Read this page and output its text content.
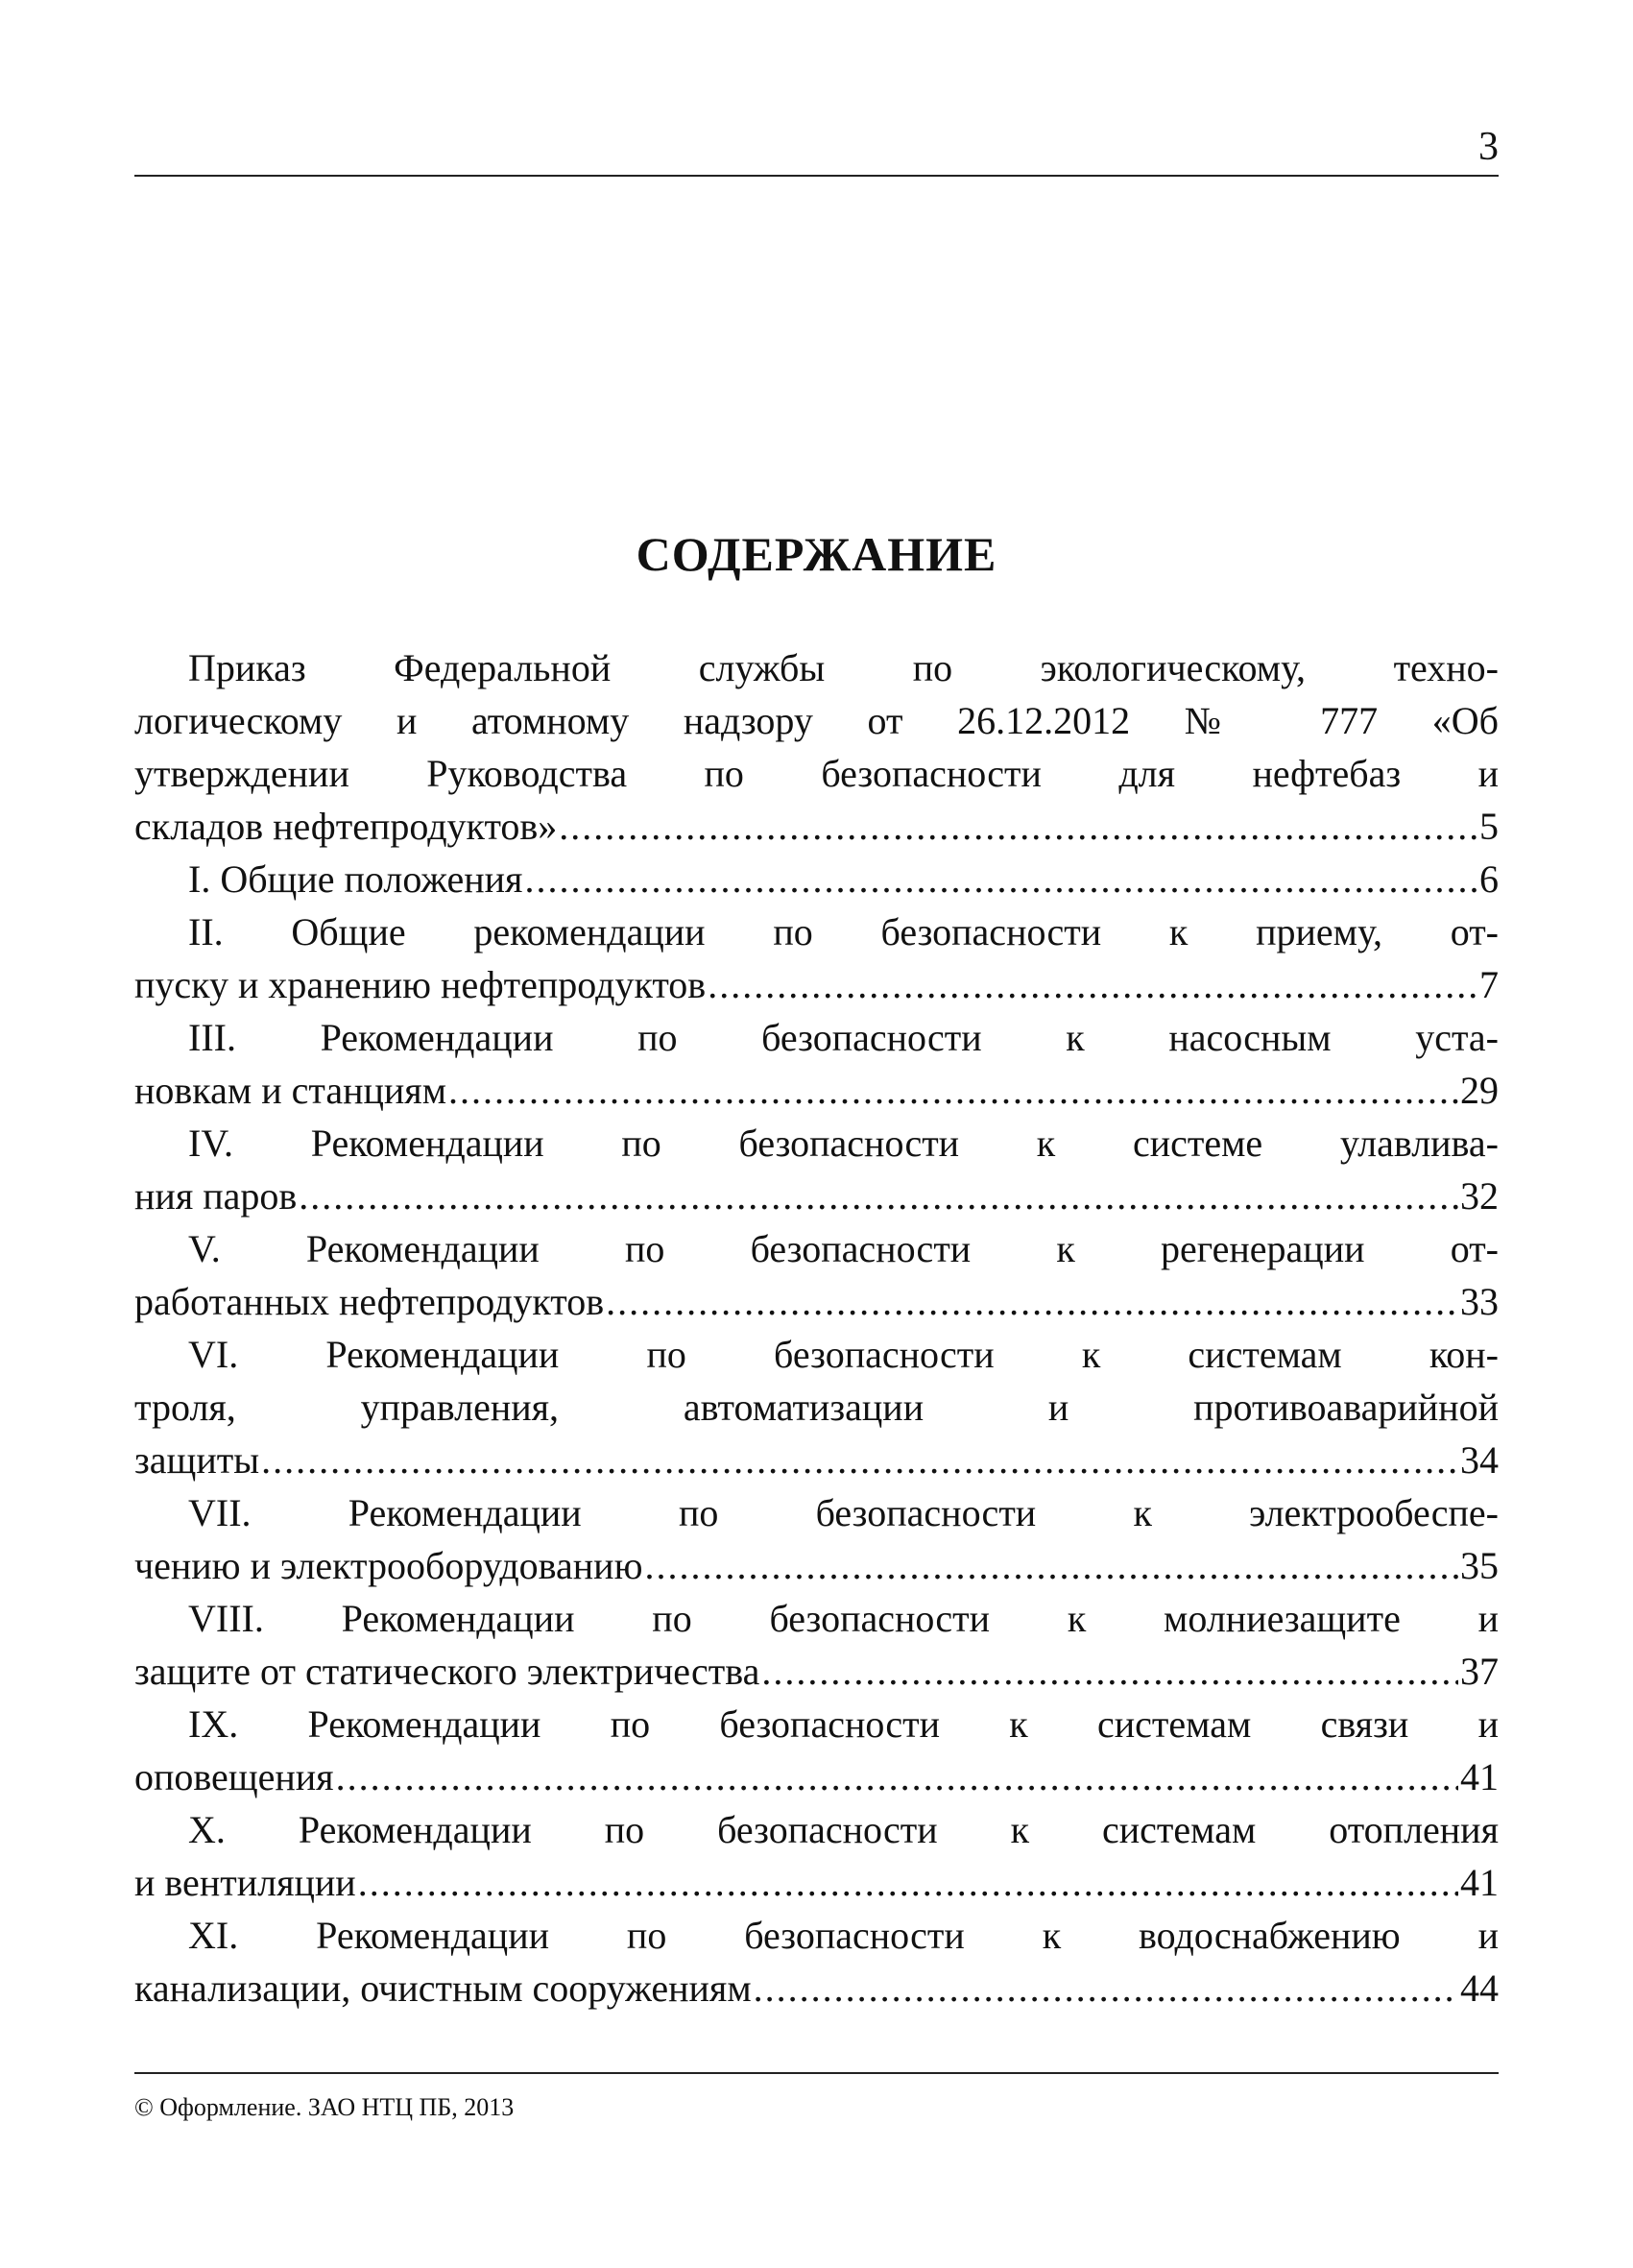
3
СОДЕРЖАНИЕ
Приказ Федеральной службы по экологическому, техно-
логическому и атомному надзору от 26.12.2012 № 777 «Об
утверждении Руководства по безопасности для нефтебаз и
складов нефтепродуктов» .....	5
I. Общие положения .....	6
II. Общие рекомендации по безопасности к приему, от-
пуску и хранению нефтепродуктов .....	7
III. Рекомендации по безопасности к насосным уста-
новкам и станциям .....	29
IV. Рекомендации по безопасности к системе улавлива-
ния паров .....	32
V. Рекомендации по безопасности к регенерации от-
работанных нефтепродуктов .....	33
VI. Рекомендации по безопасности к системам кон-
троля, управления, автоматизации и противоаварийной
защиты .....	34
VII. Рекомендации по безопасности к электрообеспе-
чению и электрооборудованию .....	35
VIII. Рекомендации по безопасности к молниезащите и
защите от статического электричества .....	37
IX. Рекомендации по безопасности к системам связи и
оповещения .....	41
X. Рекомендации по безопасности к системам отопления
и вентиляции .....	41
XI. Рекомендации по безопасности к водоснабжению и
канализации, очистным сооружениям .....	44
© Оформление. ЗАО НТЦ ПБ, 2013
